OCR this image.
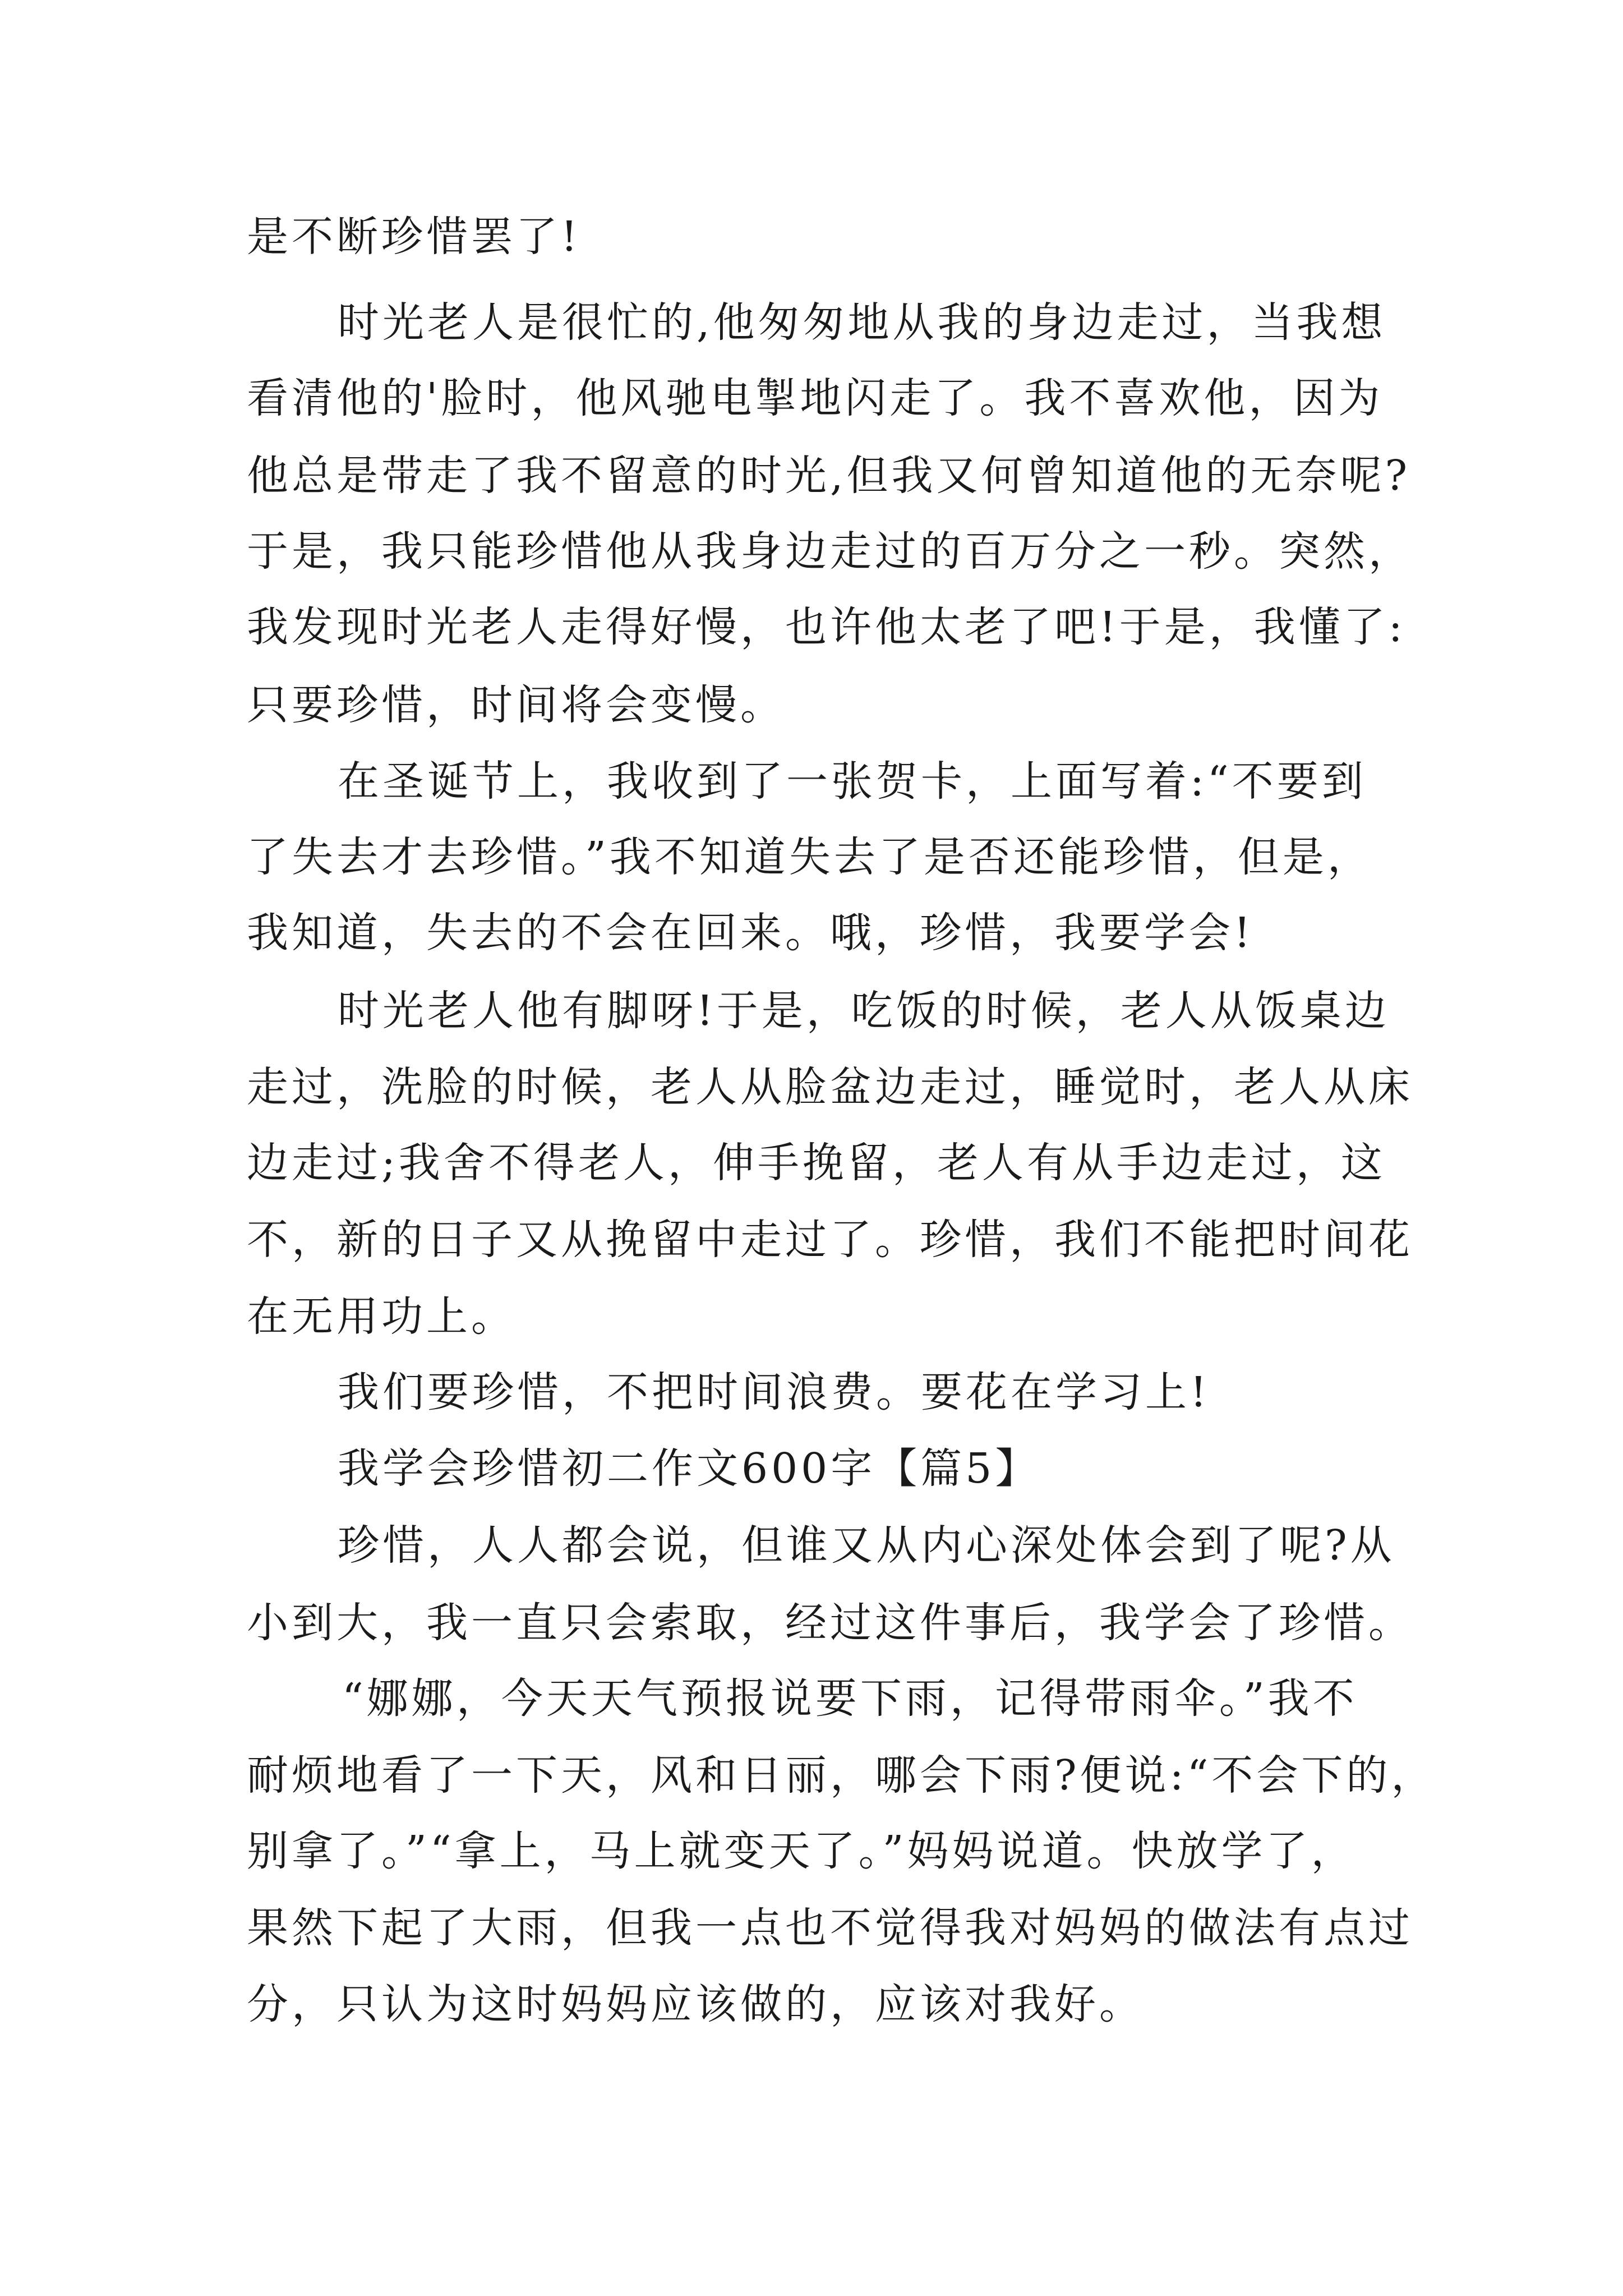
是不断珍惜罢了!
时光老人是很忙的,他匆匆地从我的身边走过，当我想
看清他的'脸时，他风驰电掣地闪走了。我不喜欢他，因为
他总是带走了我不留意的时光,但我又何曾知道他的无奈呢?
于是，我只能珍惜他从我身边走过的百万分之一秒。突然，
我发现时光老人走得好慢，也许他太老了吧!于是，我懂了:
只要珍惜，时间将会变慢。
在圣诞节上，我收到了一张贺卡，上面写着:“不要到
了失去才去珍惜。”我不知道失去了是否还能珍惜，但是，
我知道，失去的不会在回来。哦，珍惜，我要学会!
时光老人他有脚呀!于是，吃饭的时候，老人从饭桌边
走过，洗脸的时候，老人从脸盆边走过，睡觉时，老人从床
边走过;我舍不得老人，伸手挽留，老人有从手边走过，这
不，新的日子又从挽留中走过了。珍惜，我们不能把时间花
在无用功上。
我们要珍惜，不把时间浪费。要花在学习上!
我学会珍惜初二作文600字【篇5】
珍惜，人人都会说，但谁又从内心深处体会到了呢?从
小到大，我一直只会索取，经过这件事后，我学会了珍惜。
“娜娜，今天天气预报说要下雨，记得带雨伞。”我不
耐烦地看了一下天，风和日丽，哪会下雨?便说:“不会下的，
别拿了。”“拿上，马上就变天了。”妈妈说道。快放学了，
果然下起了大雨，但我一点也不觉得我对妈妈的做法有点过
分，只认为这时妈妈应该做的，应该对我好。
